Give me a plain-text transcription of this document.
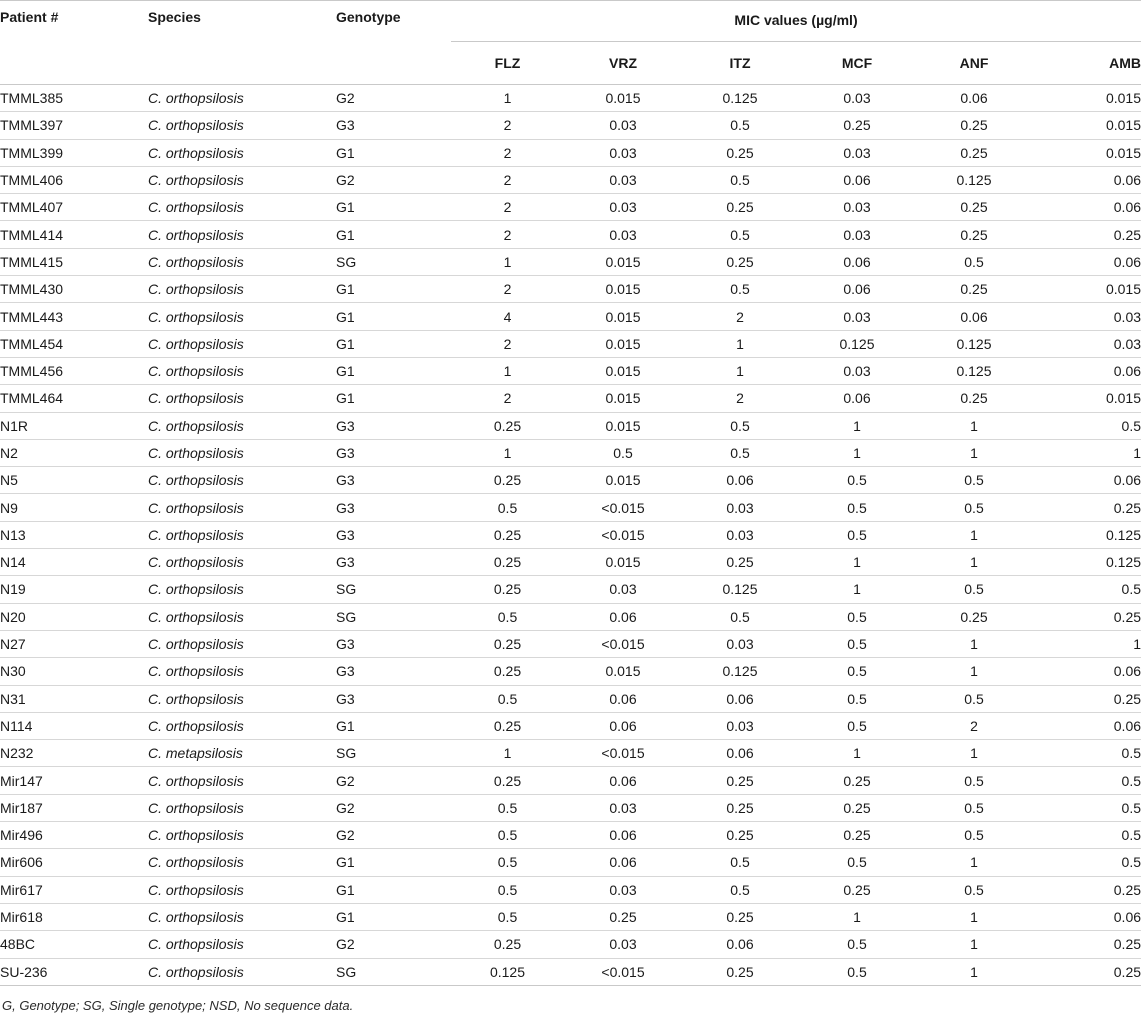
Patient #	Species	Genotype	MIC values (µg/ml)					
			FLZ	VRZ	ITZ	MCF	ANF	AMB
TMML385	C. orthopsilosis	G2	1	0.015	0.125	0.03	0.06	0.015
TMML397	C. orthopsilosis	G3	2	0.03	0.5	0.25	0.25	0.015
TMML399	C. orthopsilosis	G1	2	0.03	0.25	0.03	0.25	0.015
TMML406	C. orthopsilosis	G2	2	0.03	0.5	0.06	0.125	0.06
TMML407	C. orthopsilosis	G1	2	0.03	0.25	0.03	0.25	0.06
TMML414	C. orthopsilosis	G1	2	0.03	0.5	0.03	0.25	0.25
TMML415	C. orthopsilosis	SG	1	0.015	0.25	0.06	0.5	0.06
TMML430	C. orthopsilosis	G1	2	0.015	0.5	0.06	0.25	0.015
TMML443	C. orthopsilosis	G1	4	0.015	2	0.03	0.06	0.03
TMML454	C. orthopsilosis	G1	2	0.015	1	0.125	0.125	0.03
TMML456	C. orthopsilosis	G1	1	0.015	1	0.03	0.125	0.06
TMML464	C. orthopsilosis	G1	2	0.015	2	0.06	0.25	0.015
N1R	C. orthopsilosis	G3	0.25	0.015	0.5	1	1	0.5
N2	C. orthopsilosis	G3	1	0.5	0.5	1	1	1
N5	C. orthopsilosis	G3	0.25	0.015	0.06	0.5	0.5	0.06
N9	C. orthopsilosis	G3	0.5	<0.015	0.03	0.5	0.5	0.25
N13	C. orthopsilosis	G3	0.25	<0.015	0.03	0.5	1	0.125
N14	C. orthopsilosis	G3	0.25	0.015	0.25	1	1	0.125
N19	C. orthopsilosis	SG	0.25	0.03	0.125	1	0.5	0.5
N20	C. orthopsilosis	SG	0.5	0.06	0.5	0.5	0.25	0.25
N27	C. orthopsilosis	G3	0.25	<0.015	0.03	0.5	1	1
N30	C. orthopsilosis	G3	0.25	0.015	0.125	0.5	1	0.06
N31	C. orthopsilosis	G3	0.5	0.06	0.06	0.5	0.5	0.25
N114	C. orthopsilosis	G1	0.25	0.06	0.03	0.5	2	0.06
N232	C. metapsilosis	SG	1	<0.015	0.06	1	1	0.5
Mir147	C. orthopsilosis	G2	0.25	0.06	0.25	0.25	0.5	0.5
Mir187	C. orthopsilosis	G2	0.5	0.03	0.25	0.25	0.5	0.5
Mir496	C. orthopsilosis	G2	0.5	0.06	0.25	0.25	0.5	0.5
Mir606	C. orthopsilosis	G1	0.5	0.06	0.5	0.5	1	0.5
Mir617	C. orthopsilosis	G1	0.5	0.03	0.5	0.25	0.5	0.25
Mir618	C. orthopsilosis	G1	0.5	0.25	0.25	1	1	0.06
48BC	C. orthopsilosis	G2	0.25	0.03	0.06	0.5	1	0.25
SU-236	C. orthopsilosis	SG	0.125	<0.015	0.25	0.5	1	0.25
G, Genotype; SG, Single genotype; NSD, No sequence data.
